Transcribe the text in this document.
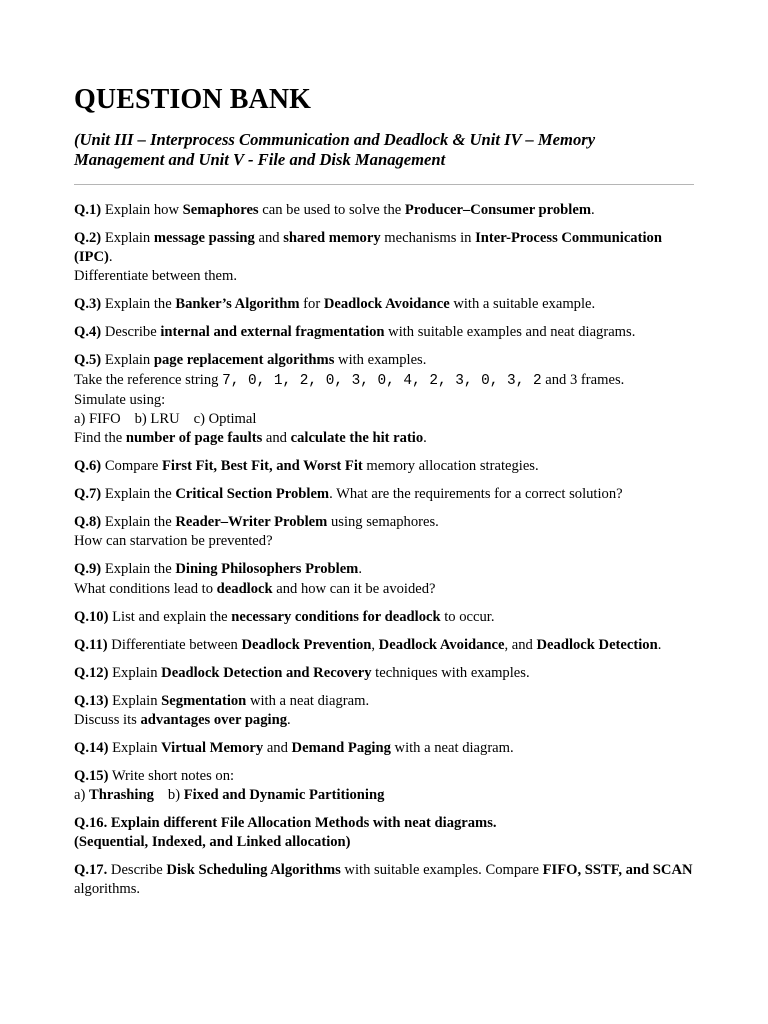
QUESTION BANK

(Unit III – Interprocess Communication and Deadlock & Unit IV – Memory
Management and Unit V - File and Disk Management

Q.1) Explain how Semaphores can be used to solve the Producer–Consumer problem.

Q.2) Explain message passing and shared memory mechanisms in Inter-Process Communication (IPC).
Differentiate between them.

Q.3) Explain the Banker’s Algorithm for Deadlock Avoidance with a suitable example.

Q.4) Describe internal and external fragmentation with suitable examples and neat diagrams.

Q.5) Explain page replacement algorithms with examples.
Take the reference string 7, 0, 1, 2, 0, 3, 0, 4, 2, 3, 0, 3, 2 and 3 frames.
Simulate using:
a) FIFO b) LRU c) Optimal
Find the number of page faults and calculate the hit ratio.

Q.6) Compare First Fit, Best Fit, and Worst Fit memory allocation strategies.

Q.7) Explain the Critical Section Problem. What are the requirements for a correct solution?

Q.8) Explain the Reader–Writer Problem using semaphores.
How can starvation be prevented?

Q.9) Explain the Dining Philosophers Problem.
What conditions lead to deadlock and how can it be avoided?

Q.10) List and explain the necessary conditions for deadlock to occur.

Q.11) Differentiate between Deadlock Prevention, Deadlock Avoidance, and Deadlock Detection.

Q.12) Explain Deadlock Detection and Recovery techniques with examples.

Q.13) Explain Segmentation with a neat diagram.
Discuss its advantages over paging.

Q.14) Explain Virtual Memory and Demand Paging with a neat diagram.

Q.15) Write short notes on:
a) Thrashing b) Fixed and Dynamic Partitioning

Q.16. Explain different File Allocation Methods with neat diagrams.
(Sequential, Indexed, and Linked allocation)

Q.17. Describe Disk Scheduling Algorithms with suitable examples. Compare FIFO, SSTF, and SCAN algorithms.
